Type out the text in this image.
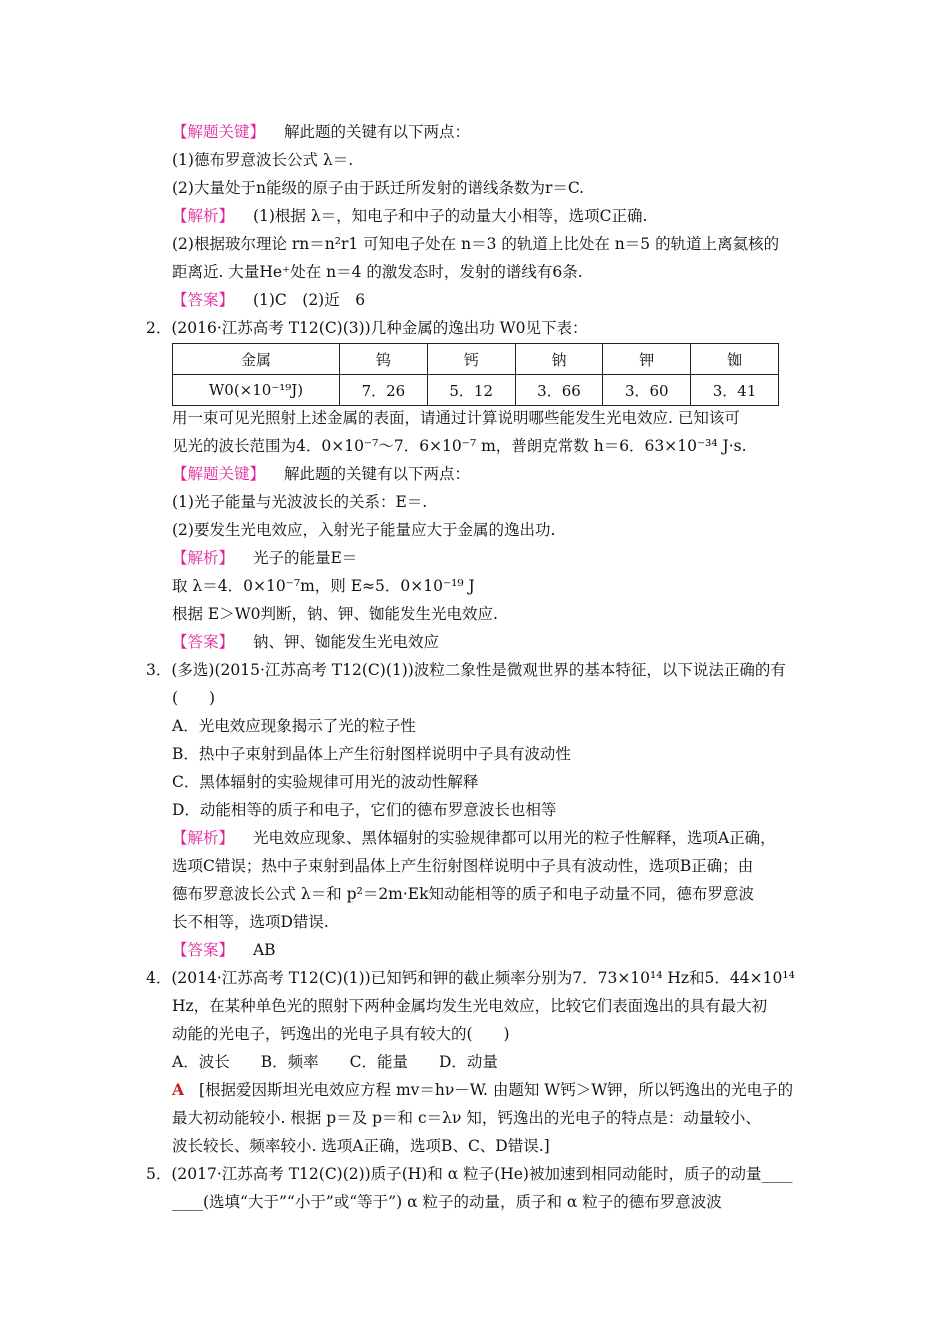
【解题关键】 解此题的关键有以下两点：
(1)德布罗意波长公式 λ＝.
(2)大量处于n能级的原子由于跃迁所发射的谱线条数为r＝C.
【解析】 (1)根据 λ＝，知电子和中子的动量大小相等，选项C正确.
(2)根据玻尔理论 rn＝n²r1 可知电子处在 n＝3 的轨道上比处在 n＝5 的轨道上离氦核的
距离近. 大量He⁺处在 n＝4 的激发态时，发射的谱线有6条.
【答案】 (1)C　(2)近　6
2．(2016·江苏高考 T12(C)(3))几种金属的逸出功 W0见下表：
金属	钨	钙	钠	钾	铷
W0(×10⁻¹⁹J)	7．26	5．12	3．66	3．60	3．41
用一束可见光照射上述金属的表面，请通过计算说明哪些能发生光电效应. 已知该可
见光的波长范围为4．0×10⁻⁷～7．6×10⁻⁷ m，普朗克常数 h＝6．63×10⁻³⁴ J·s.
【解题关键】 解此题的关键有以下两点：
(1)光子能量与光波波长的关系：E＝.
(2)要发生光电效应，入射光子能量应大于金属的逸出功.
【解析】 光子的能量E＝
取 λ＝4．0×10⁻⁷m，则 E≈5．0×10⁻¹⁹ J
根据 E＞W0判断，钠、钾、铷能发生光电效应.
【答案】 钠、钾、铷能发生光电效应
3．(多选)(2015·江苏高考 T12(C)(1))波粒二象性是微观世界的基本特征，以下说法正确的有
(　　)
A．光电效应现象揭示了光的粒子性
B．热中子束射到晶体上产生衍射图样说明中子具有波动性
C．黑体辐射的实验规律可用光的波动性解释
D．动能相等的质子和电子，它们的德布罗意波长也相等
【解析】 光电效应现象、黑体辐射的实验规律都可以用光的粒子性解释，选项A正确，
选项C错误；热中子束射到晶体上产生衍射图样说明中子具有波动性，选项B正确；由
德布罗意波长公式 λ＝和 p²＝2m·Ek知动能相等的质子和电子动量不同，德布罗意波
长不相等，选项D错误.
【答案】 AB
4．(2014·江苏高考 T12(C)(1))已知钙和钾的截止频率分别为7．73×10¹⁴ Hz和5．44×10¹⁴
Hz，在某种单色光的照射下两种金属均发生光电效应，比较它们表面逸出的具有最大初
动能的光电子，钙逸出的光电子具有较大的(　　)
A．波长　　B．频率　　C．能量　　D．动量
A [根据爱因斯坦光电效应方程 mv＝hν－W. 由题知 W钙＞W钾，所以钙逸出的光电子的
最大初动能较小. 根据 p＝及 p＝和 c＝λν 知，钙逸出的光电子的特点是：动量较小、
波长较长、频率较小. 选项A正确，选项B、C、D错误.]
5．(2017·江苏高考 T12(C)(2))质子(H)和 α 粒子(He)被加速到相同动能时，质子的动量____
____(选填“大于”“小于”或“等于”) α 粒子的动量，质子和 α 粒子的德布罗意波波
